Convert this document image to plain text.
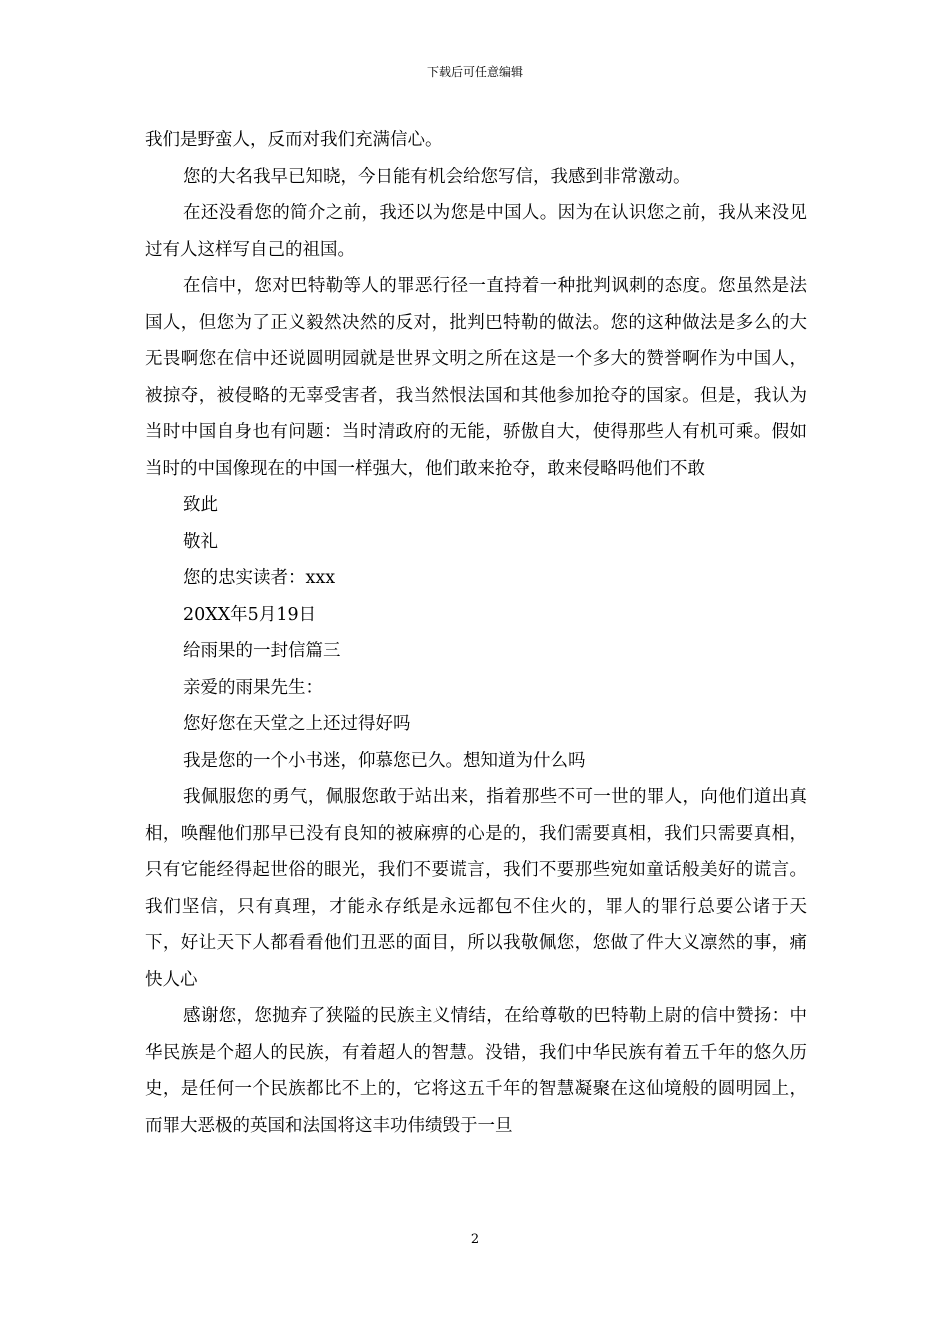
下载后可任意编辑

我们是野蛮人，反而对我们充满信心。

您的大名我早已知晓，今日能有机会给您写信，我感到非常激动。

在还没看您的简介之前，我还以为您是中国人。因为在认识您之前，我从来没见过有人这样写自己的祖国。

在信中，您对巴特勒等人的罪恶行径一直持着一种批判讽刺的态度。您虽然是法国人，但您为了正义毅然决然的反对，批判巴特勒的做法。您的这种做法是多么的大无畏啊您在信中还说圆明园就是世界文明之所在这是一个多大的赞誉啊作为中国人，被掠夺，被侵略的无辜受害者，我当然恨法国和其他参加抢夺的国家。但是，我认为当时中国自身也有问题：当时清政府的无能，骄傲自大，使得那些人有机可乘。假如当时的中国像现在的中国一样强大，他们敢来抢夺，敢来侵略吗他们不敢

致此

敬礼

您的忠实读者：xxx

20XX年5月19日

给雨果的一封信篇三

亲爱的雨果先生：

您好您在天堂之上还过得好吗

我是您的一个小书迷，仰慕您已久。想知道为什么吗

我佩服您的勇气，佩服您敢于站出来，指着那些不可一世的罪人，向他们道出真相，唤醒他们那早已没有良知的被麻痹的心是的，我们需要真相，我们只需要真相，只有它能经得起世俗的眼光，我们不要谎言，我们不要那些宛如童话般美好的谎言。我们坚信，只有真理，才能永存纸是永远都包不住火的，罪人的罪行总要公诸于天下，好让天下人都看看他们丑恶的面目，所以我敬佩您，您做了件大义凛然的事，痛快人心

感谢您，您抛弃了狭隘的民族主义情结，在给尊敬的巴特勒上尉的信中赞扬：中华民族是个超人的民族，有着超人的智慧。没错，我们中华民族有着五千年的悠久历史，是任何一个民族都比不上的，它将这五千年的智慧凝聚在这仙境般的圆明园上，而罪大恶极的英国和法国将这丰功伟绩毁于一旦

2
